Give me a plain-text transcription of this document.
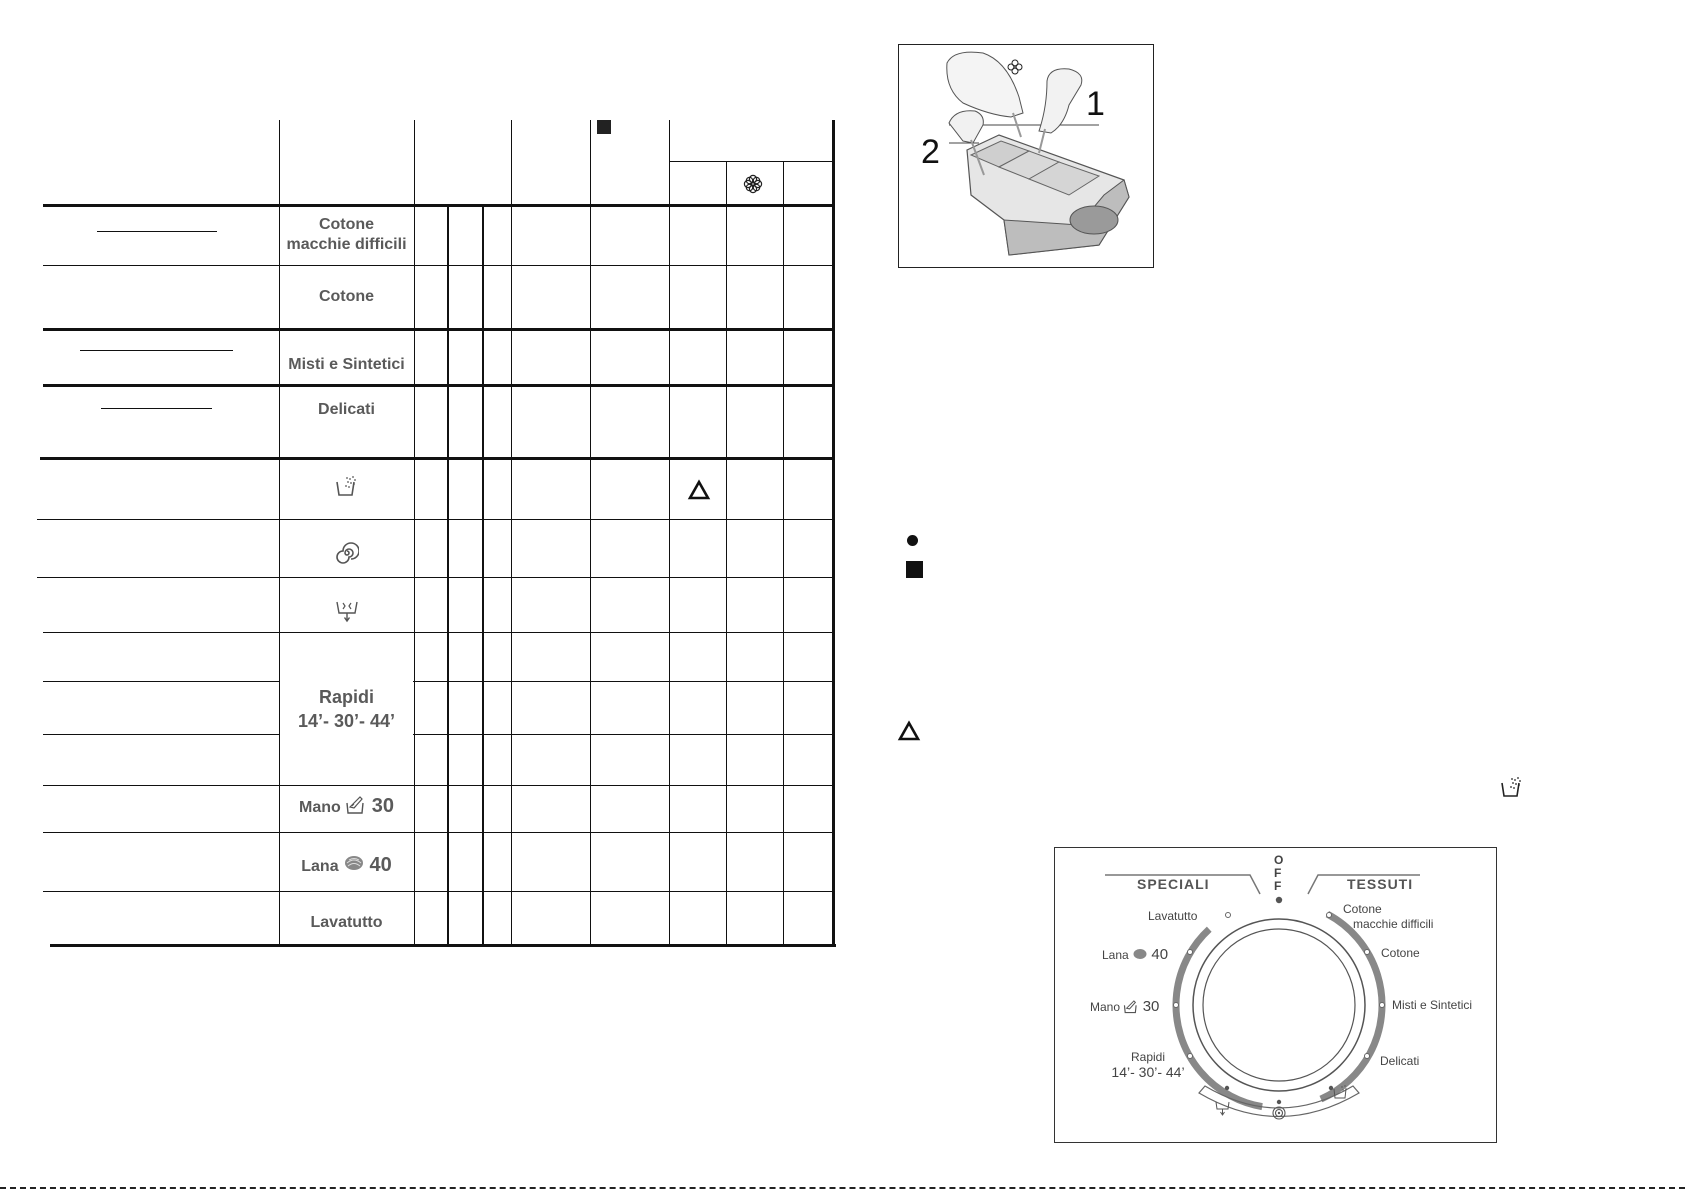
Cotone
macchie difficili
Cotone
Misti e Sintetici
Delicati
Rapidi
14’- 30’- 44’
Mano 30
Lana 40
Lavatutto
1
2
O
F
F
SPECIALI	TESSUTI
Cotone
macchie difficili
Cotone
Misti e Sintetici
Delicati
Lavatutto
Lana 40
Mano 30
Rapidi
14’- 30’- 44’
